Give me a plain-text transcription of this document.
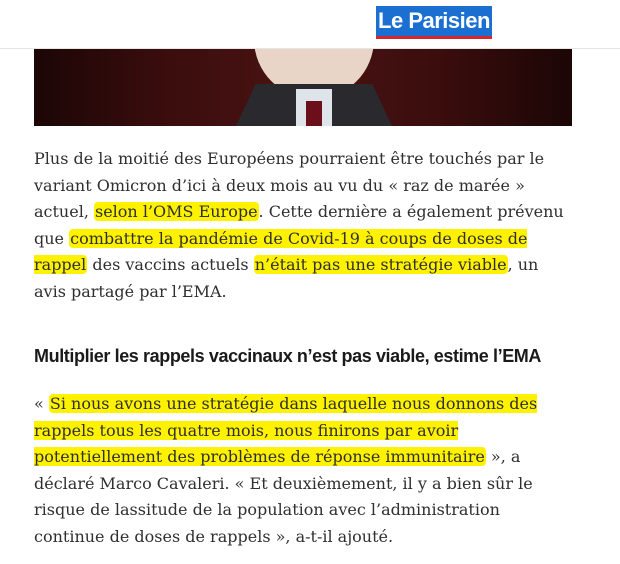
Le Parisien

Plus de la moitié des Européens pourraient être touchés par le variant Omicron d’ici à deux mois au vu du « raz de marée » actuel, selon l’OMS Europe. Cette dernière a également prévenu que combattre la pandémie de Covid-19 à coups de doses de rappel des vaccins actuels n’était pas une stratégie viable, un avis partagé par l’EMA.

Multiplier les rappels vaccinaux n’est pas viable, estime l’EMA

« Si nous avons une stratégie dans laquelle nous donnons des rappels tous les quatre mois, nous finirons par avoir potentiellement des problèmes de réponse immunitaire », a déclaré Marco Cavaleri. « Et deuxièmement, il y a bien sûr le risque de lassitude de la population avec l’administration continue de doses de rappels », a-t-il ajouté.
